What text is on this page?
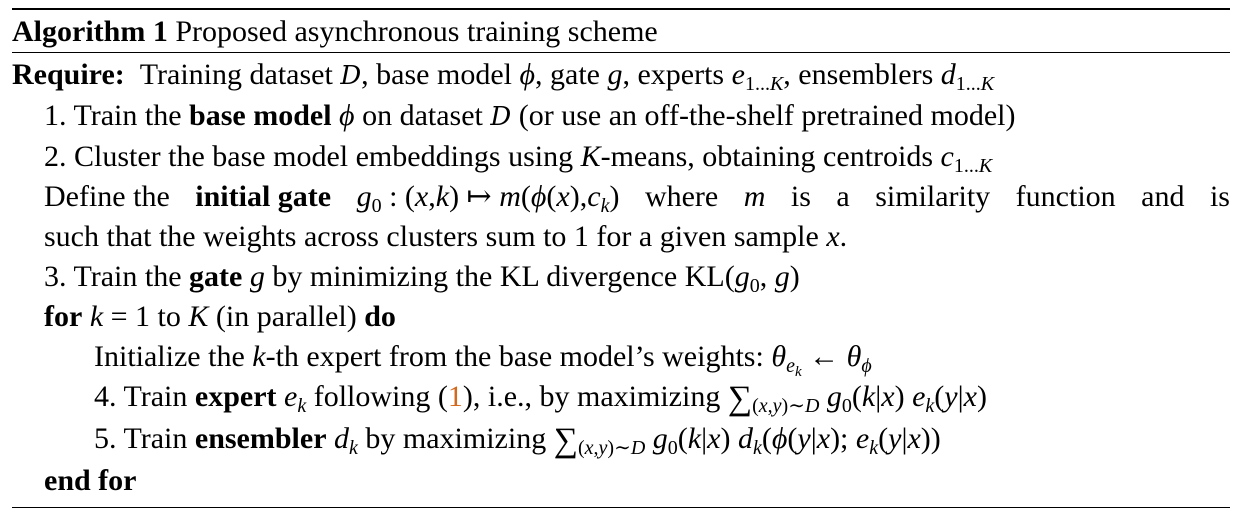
Algorithm 1 Proposed asynchronous training scheme
Require:  Training dataset D, base model ϕ, gate g, experts $e_{1...K}$, ensemblers $d_{1...K}$
1. Train the base model ϕ on dataset D (or use an off-the-shelf pretrained model)
2. Cluster the base model embeddings using K-means, obtaining centroids $c_{1...K}$
Define the initial gate $g_0$ : (x,k) ↦ $m(\phi(x),c_k)$ where m is a similarity function and is
such that the weights across clusters sum to 1 for a given sample x.
3. Train the gate g by minimizing the KL divergence $KL(g_0$, g)
for k = 1 to K (in parallel) do
Initialize the k-th expert from the base model’s weights: $\theta_{e_k}$ ← $\theta_\phi$
4. Train expert $e_k$ following (1), i.e., by maximizing $\sum_{(x,y)\sim D}$ $g_0(k|x)$ $e_k(y|x)$
5. Train ensembler $d_k$ by maximizing $\sum_{(x,y)\sim D}$ $g_0(k|x)$ $d_k(\phi(y|x)$; $e_k(y|x)$)
end for
